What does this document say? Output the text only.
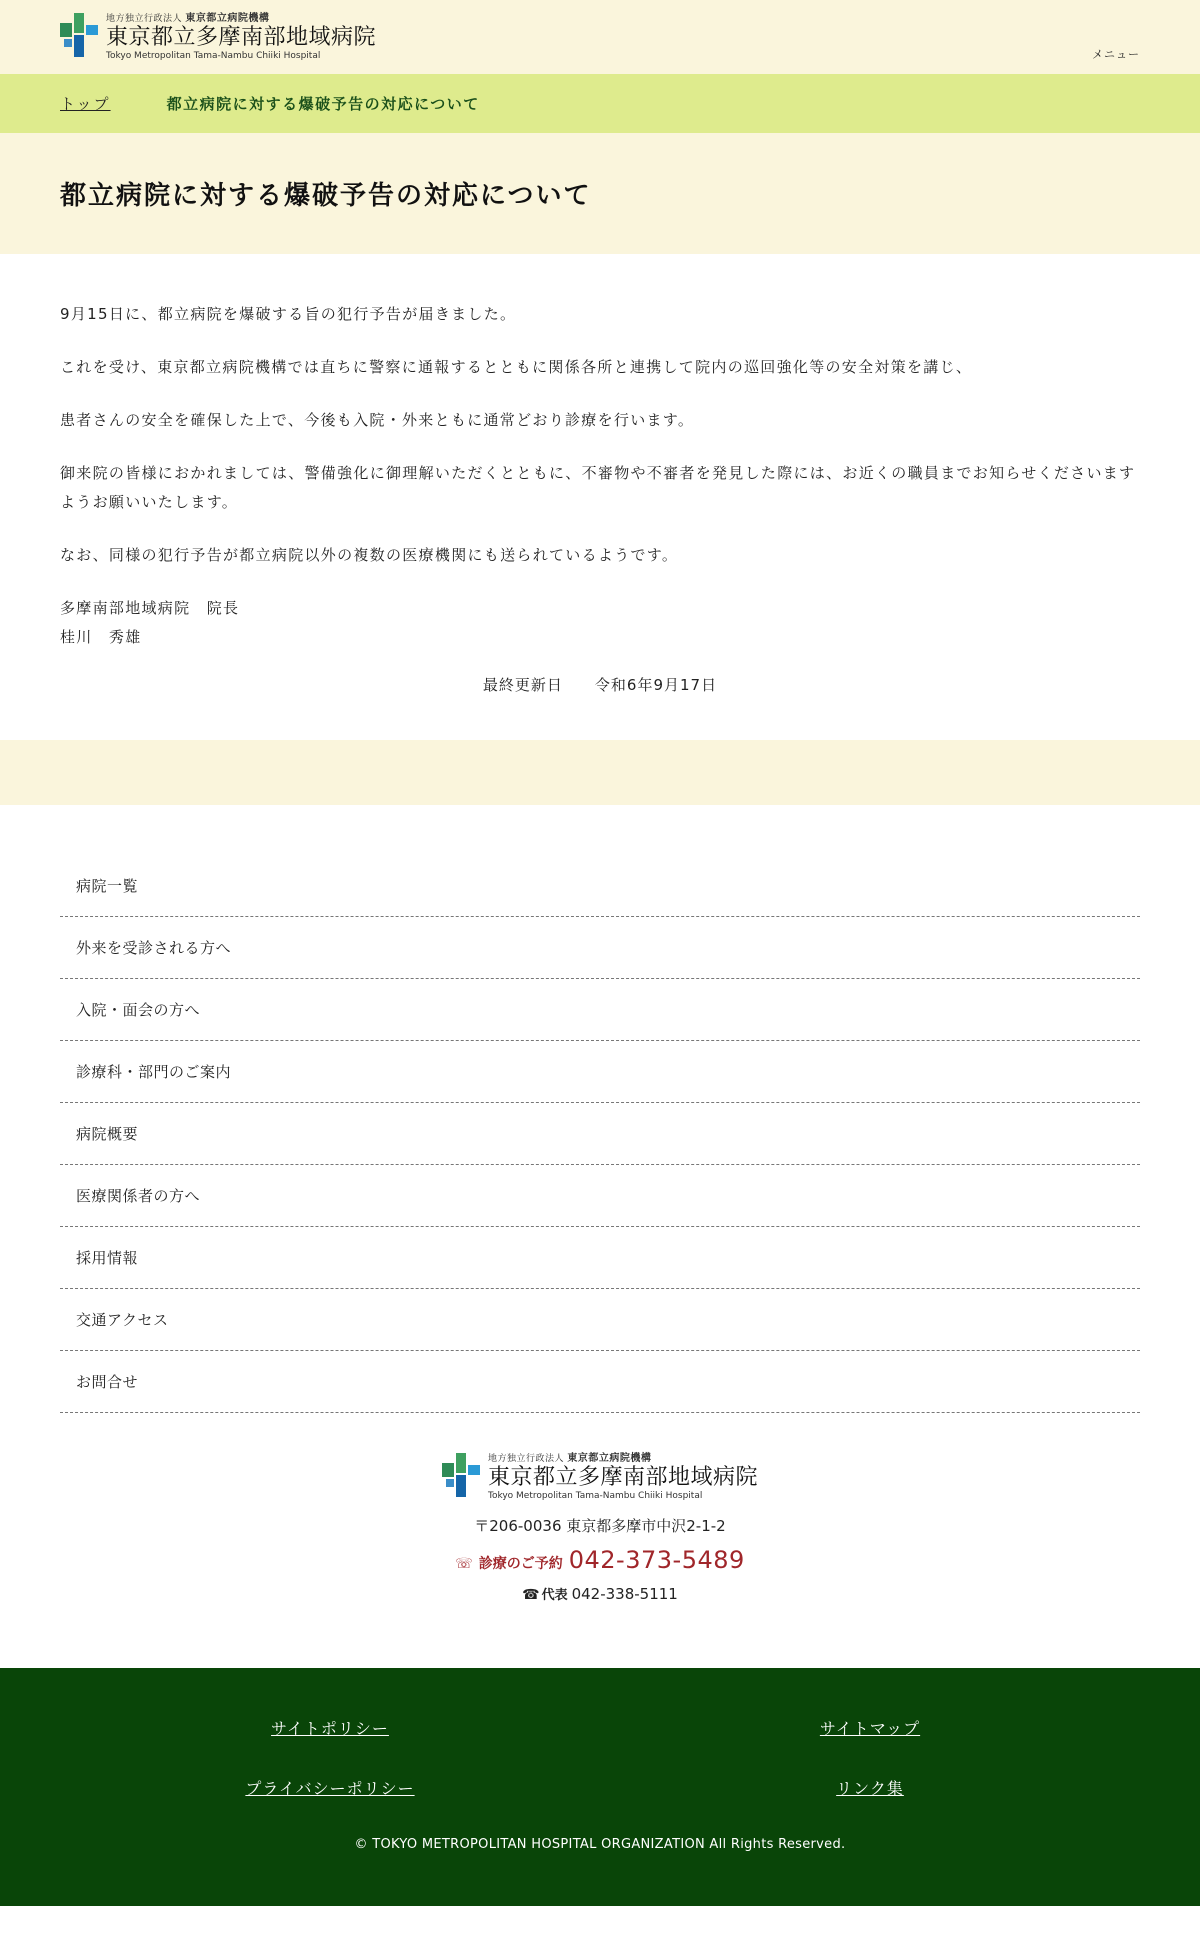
地方独立行政法人 東京都立病院機構
東京都立多摩南部地域病院
Tokyo Metropolitan Tama-Nambu Chiiki Hospital	メニュー
トップ	都立病院に対する爆破予告の対応について
都立病院に対する爆破予告の対応について

9月15日に、都立病院を爆破する旨の犯行予告が届きました。

これを受け、東京都立病院機構では直ちに警察に通報するとともに関係各所と連携して院内の巡回強化等の安全対策を講じ、

患者さんの安全を確保した上で、今後も入院・外来ともに通常どおり診療を行います。

御来院の皆様におかれましては、警備強化に御理解いただくとともに、不審物や不審者を発見した際には、お近くの職員までお知らせくださいますようお願いいたします。

なお、同様の犯行予告が都立病院以外の複数の医療機関にも送られているようです。

多摩南部地域病院　院長
桂川　秀雄

最終更新日 令和6年9月17日
病院一覧
外来を受診される方へ
入院・面会の方へ
診療科・部門のご案内
病院概要
医療関係者の方へ
採用情報
交通アクセス
お問合せ
地方独立行政法人 東京都立病院機構
東京都立多摩南部地域病院
Tokyo Metropolitan Tama-Nambu Chiiki Hospital
〒206-0036 東京都多摩市中沢2-1-2
☏ 診療のご予約 042-373-5489
☎ 代表 042-338-5111
サイトポリシー	サイトマップ
プライバシーポリシー	リンク集
© TOKYO METROPOLITAN HOSPITAL ORGANIZATION All Rights Reserved.
